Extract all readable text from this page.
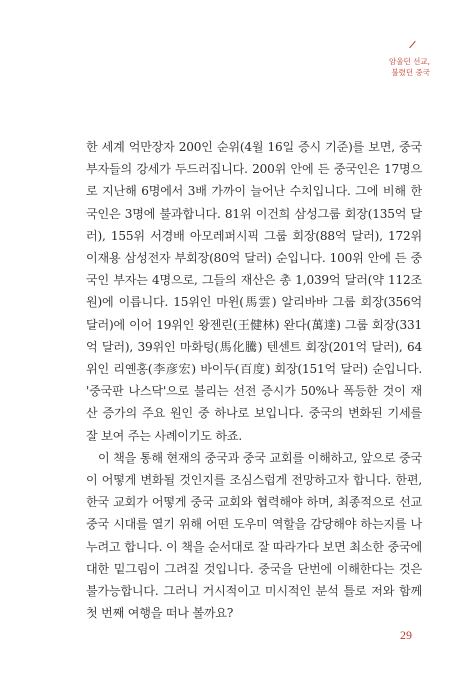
암울던 선교,
불렸던 중국

한 세계 억만장자 200인 순위(4월 16일 증시 기준)를 보면, 중국 부자들의 강세가 두드러집니다. 200위 안에 든 중국인은 17명으로 지난해 6명에서 3배 가까이 늘어난 수치입니다. 그에 비해 한국인은 3명에 불과합니다. 81위 이건희 삼성그룹 회장(135억 달러), 155위 서경배 아모레퍼시픽 그룹 회장(88억 달러), 172위 이재용 삼성전자 부회장(80억 달러) 순입니다. 100위 안에 든 중국인 부자는 4명으로, 그들의 재산은 총 1,039억 달러(약 112조 원)에 이릅니다. 15위인 마윈(馬雲) 알리바바 그룹 회장(356억 달러)에 이어 19위인 왕젠린(王健林) 완다(萬達) 그룹 회장(331억 달러), 39위인 마화텅(馬化騰) 텐센트 회장(201억 달러), 64위인 리옌홍(李彦宏) 바이두(百度) 회장(151억 달러) 순입니다. '중국판 나스닥'으로 불리는 선전 증시가 50%나 폭등한 것이 재산 증가의 주요 원인 중 하나로 보입니다. 중국의 변화된 기세를 잘 보여 주는 사례이기도 하죠.

이 책을 통해 현재의 중국과 중국 교회를 이해하고, 앞으로 중국이 어떻게 변화될 것인지를 조심스럽게 전망하고자 합니다. 한편, 한국 교회가 어떻게 중국 교회와 협력해야 하며, 최종적으로 선교 중국 시대를 열기 위해 어떤 도우미 역할을 감당해야 하는지를 나누려고 합니다. 이 책을 순서대로 잘 따라가다 보면 최소한 중국에 대한 밑그림이 그려질 것입니다. 중국을 단번에 이해한다는 것은 불가능합니다. 그러니 거시적이고 미시적인 분석 틀로 저와 함께 첫 번째 여행을 떠나 볼까요?

29
